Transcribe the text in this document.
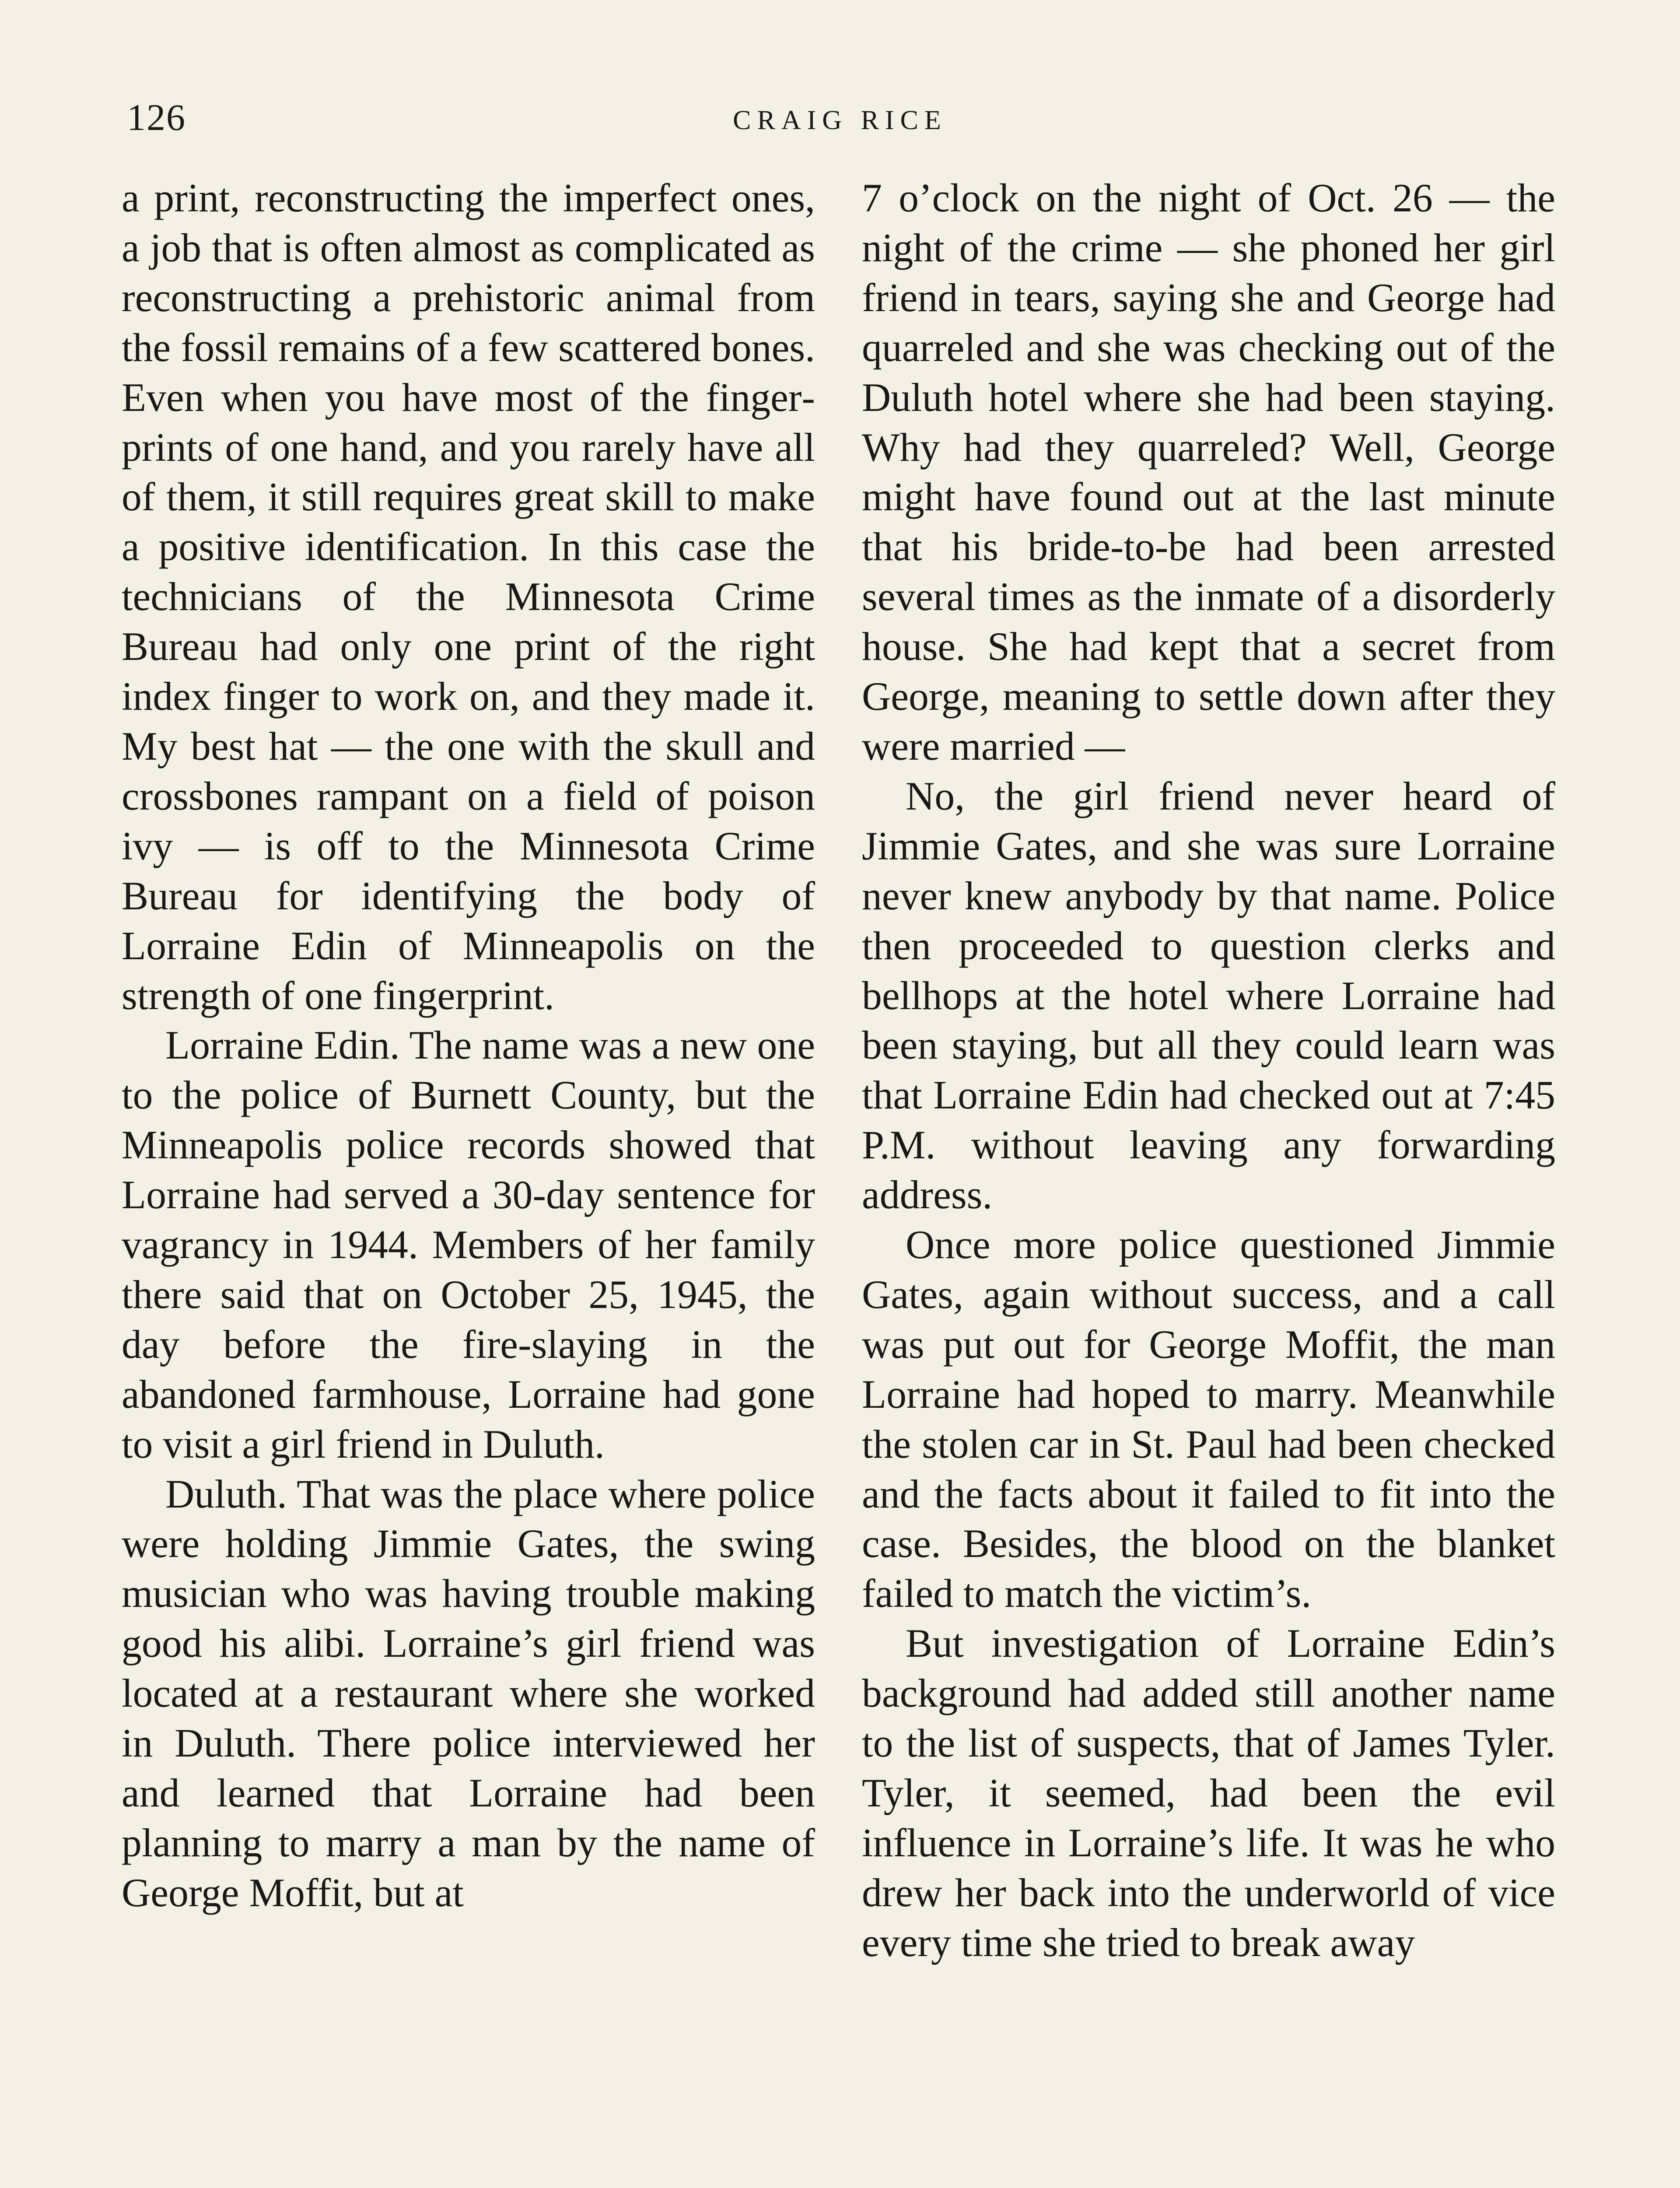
126	CRAIG RICE

a print, reconstructing the imperfect ones, a job that is often almost as complicated as reconstructing a prehistoric animal from the fossil remains of a few scattered bones. Even when you have most of the fingerprints of one hand, and you rarely have all of them, it still requires great skill to make a positive identification. In this case the technicians of the Minnesota Crime Bureau had only one print of the right index finger to work on, and they made it. My best hat — the one with the skull and crossbones rampant on a field of poison ivy — is off to the Minnesota Crime Bureau for identifying the body of Lorraine Edin of Minneapolis on the strength of one fingerprint.

Lorraine Edin. The name was a new one to the police of Burnett County, but the Minneapolis police records showed that Lorraine had served a 30-day sentence for vagrancy in 1944. Members of her family there said that on October 25, 1945, the day before the fire-slaying in the abandoned farmhouse, Lorraine had gone to visit a girl friend in Duluth.

Duluth. That was the place where police were holding Jimmie Gates, the swing musician who was having trouble making good his alibi. Lorraine’s girl friend was located at a restaurant where she worked in Duluth. There police interviewed her and learned that Lorraine had been planning to marry a man by the name of George Moffit, but at

7 o’clock on the night of Oct. 26 — the night of the crime — she phoned her girl friend in tears, saying she and George had quarreled and she was checking out of the Duluth hotel where she had been staying. Why had they quarreled? Well, George might have found out at the last minute that his bride-to-be had been arrested several times as the inmate of a disorderly house. She had kept that a secret from George, meaning to settle down after they were married —

No, the girl friend never heard of Jimmie Gates, and she was sure Lorraine never knew anybody by that name. Police then proceeded to question clerks and bellhops at the hotel where Lorraine had been staying, but all they could learn was that Lorraine Edin had checked out at 7:45 P.M. without leaving any forwarding address.

Once more police questioned Jimmie Gates, again without success, and a call was put out for George Moffit, the man Lorraine had hoped to marry. Meanwhile the stolen car in St. Paul had been checked and the facts about it failed to fit into the case. Besides, the blood on the blanket failed to match the victim’s.

But investigation of Lorraine Edin’s background had added still another name to the list of suspects, that of James Tyler. Tyler, it seemed, had been the evil influence in Lorraine’s life. It was he who drew her back into the underworld of vice every time she tried to break away
